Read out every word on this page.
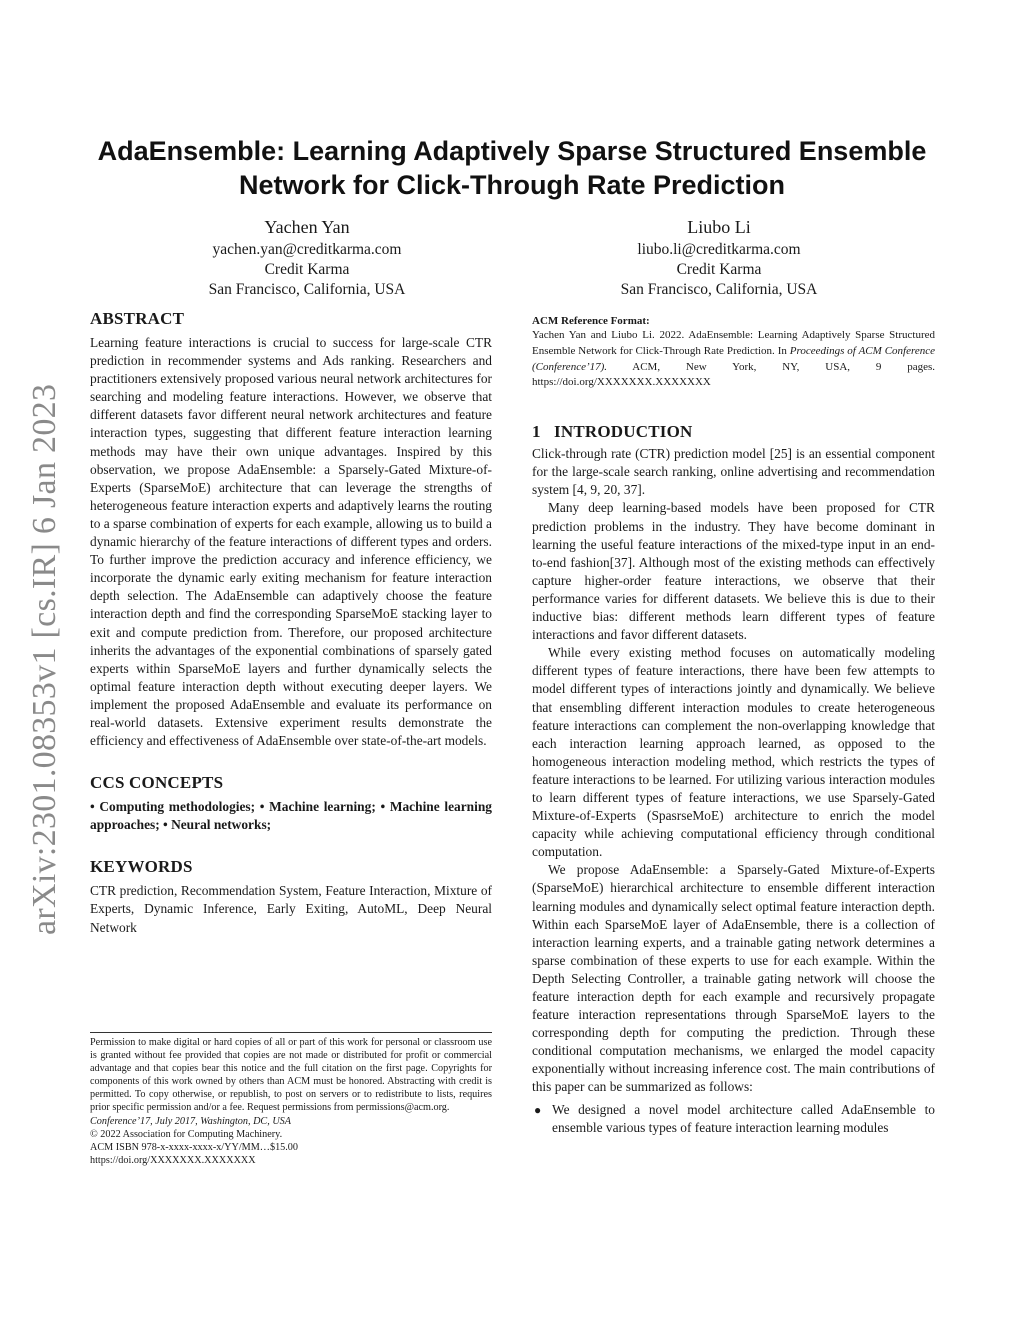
arXiv:2301.08353v1 [cs.IR] 6 Jan 2023
AdaEnsemble: Learning Adaptively Sparse Structured Ensemble
Network for Click-Through Rate Prediction
Yachen Yan
yachen.yan@creditkarma.com
Credit Karma
San Francisco, California, USA
Liubo Li
liubo.li@creditkarma.com
Credit Karma
San Francisco, California, USA
ABSTRACT

Learning feature interactions is crucial to success for large-scale CTR prediction in recommender systems and Ads ranking. Researchers and practitioners extensively proposed various neural network architectures for searching and modeling feature interactions. However, we observe that different datasets favor different neural network architectures and feature interaction types, suggesting that different feature interaction learning methods may have their own unique advantages. Inspired by this observation, we propose AdaEnsemble: a Sparsely-Gated Mixture-of-Experts (SparseMoE) architecture that can leverage the strengths of heterogeneous feature interaction experts and adaptively learns the routing to a sparse combination of experts for each example, allowing us to build a dynamic hierarchy of the feature interactions of different types and orders. To further improve the prediction accuracy and inference efficiency, we incorporate the dynamic early exiting mechanism for feature interaction depth selection. The AdaEnsemble can adaptively choose the feature interaction depth and find the corresponding SparseMoE stacking layer to exit and compute prediction from. Therefore, our proposed architecture inherits the advantages of the exponential combinations of sparsely gated experts within SparseMoE layers and further dynamically selects the optimal feature interaction depth without executing deeper layers. We implement the proposed AdaEnsemble and evaluate its performance on real-world datasets. Extensive experiment results demonstrate the efficiency and effectiveness of AdaEnsemble over state-of-the-art models.

CCS CONCEPTS

• Computing methodologies; • Machine learning; • Machine learning approaches; • Neural networks;

KEYWORDS

CTR prediction, Recommendation System, Feature Interaction, Mixture of Experts, Dynamic Inference, Early Exiting, AutoML, Deep Neural Network

Permission to make digital or hard copies of all or part of this work for personal or classroom use is granted without fee provided that copies are not made or distributed for profit or commercial advantage and that copies bear this notice and the full citation on the first page. Copyrights for components of this work owned by others than ACM must be honored. Abstracting with credit is permitted. To copy otherwise, or republish, to post on servers or to redistribute to lists, requires prior specific permission and/or a fee. Request permissions from permissions@acm.org.

Conference’17, July 2017, Washington, DC, USA

© 2022 Association for Computing Machinery.

ACM ISBN 978-x-xxxx-xxxx-x/YY/MM…$15.00

https://doi.org/XXXXXXX.XXXXXXX

ACM Reference Format:

Yachen Yan and Liubo Li. 2022. AdaEnsemble: Learning Adaptively Sparse Structured Ensemble Network for Click-Through Rate Prediction. In Proceedings of ACM Conference (Conference’17). ACM, New York, NY, USA, 9 pages. https://doi.org/XXXXXXX.XXXXXXX

1   INTRODUCTION

Click-through rate (CTR) prediction model [25] is an essential component for the large-scale search ranking, online advertising and recommendation system [4, 9, 20, 37].

Many deep learning-based models have been proposed for CTR prediction problems in the industry. They have become dominant in learning the useful feature interactions of the mixed-type input in an end-to-end fashion[37]. Although most of the existing methods can effectively capture higher-order feature interactions, we observe that their performance varies for different datasets. We believe this is due to their inductive bias: different methods learn different types of feature interactions and favor different datasets.

While every existing method focuses on automatically modeling different types of feature interactions, there have been few attempts to model different types of interactions jointly and dynamically. We believe that ensembling different interaction modules to create heterogeneous feature interactions can complement the non-overlapping knowledge that each interaction learning approach learned, as opposed to the homogeneous interaction modeling method, which restricts the types of feature interactions to be learned. For utilizing various interaction modules to learn different types of feature interactions, we use Sparsely-Gated Mixture-of-Experts (SpasrseMoE) architecture to enrich the model capacity while achieving computational efficiency through conditional computation.

We propose AdaEnsemble: a Sparsely-Gated Mixture-of-Experts (SparseMoE) hierarchical architecture to ensemble different interaction learning modules and dynamically select optimal feature interaction depth. Within each SparseMoE layer of AdaEnsemble, there is a collection of interaction learning experts, and a trainable gating network determines a sparse combination of these experts to use for each example. Within the Depth Selecting Controller, a trainable gating network will choose the feature interaction depth for each example and recursively propagate feature interaction representations through SparseMoE layers to the corresponding depth for computing the prediction. Through these conditional computation mechanisms, we enlarged the model capacity exponentially without increasing inference cost. The main contributions of this paper can be summarized as follows:

● We designed a novel model architecture called AdaEnsemble to ensemble various types of feature interaction learning modules
